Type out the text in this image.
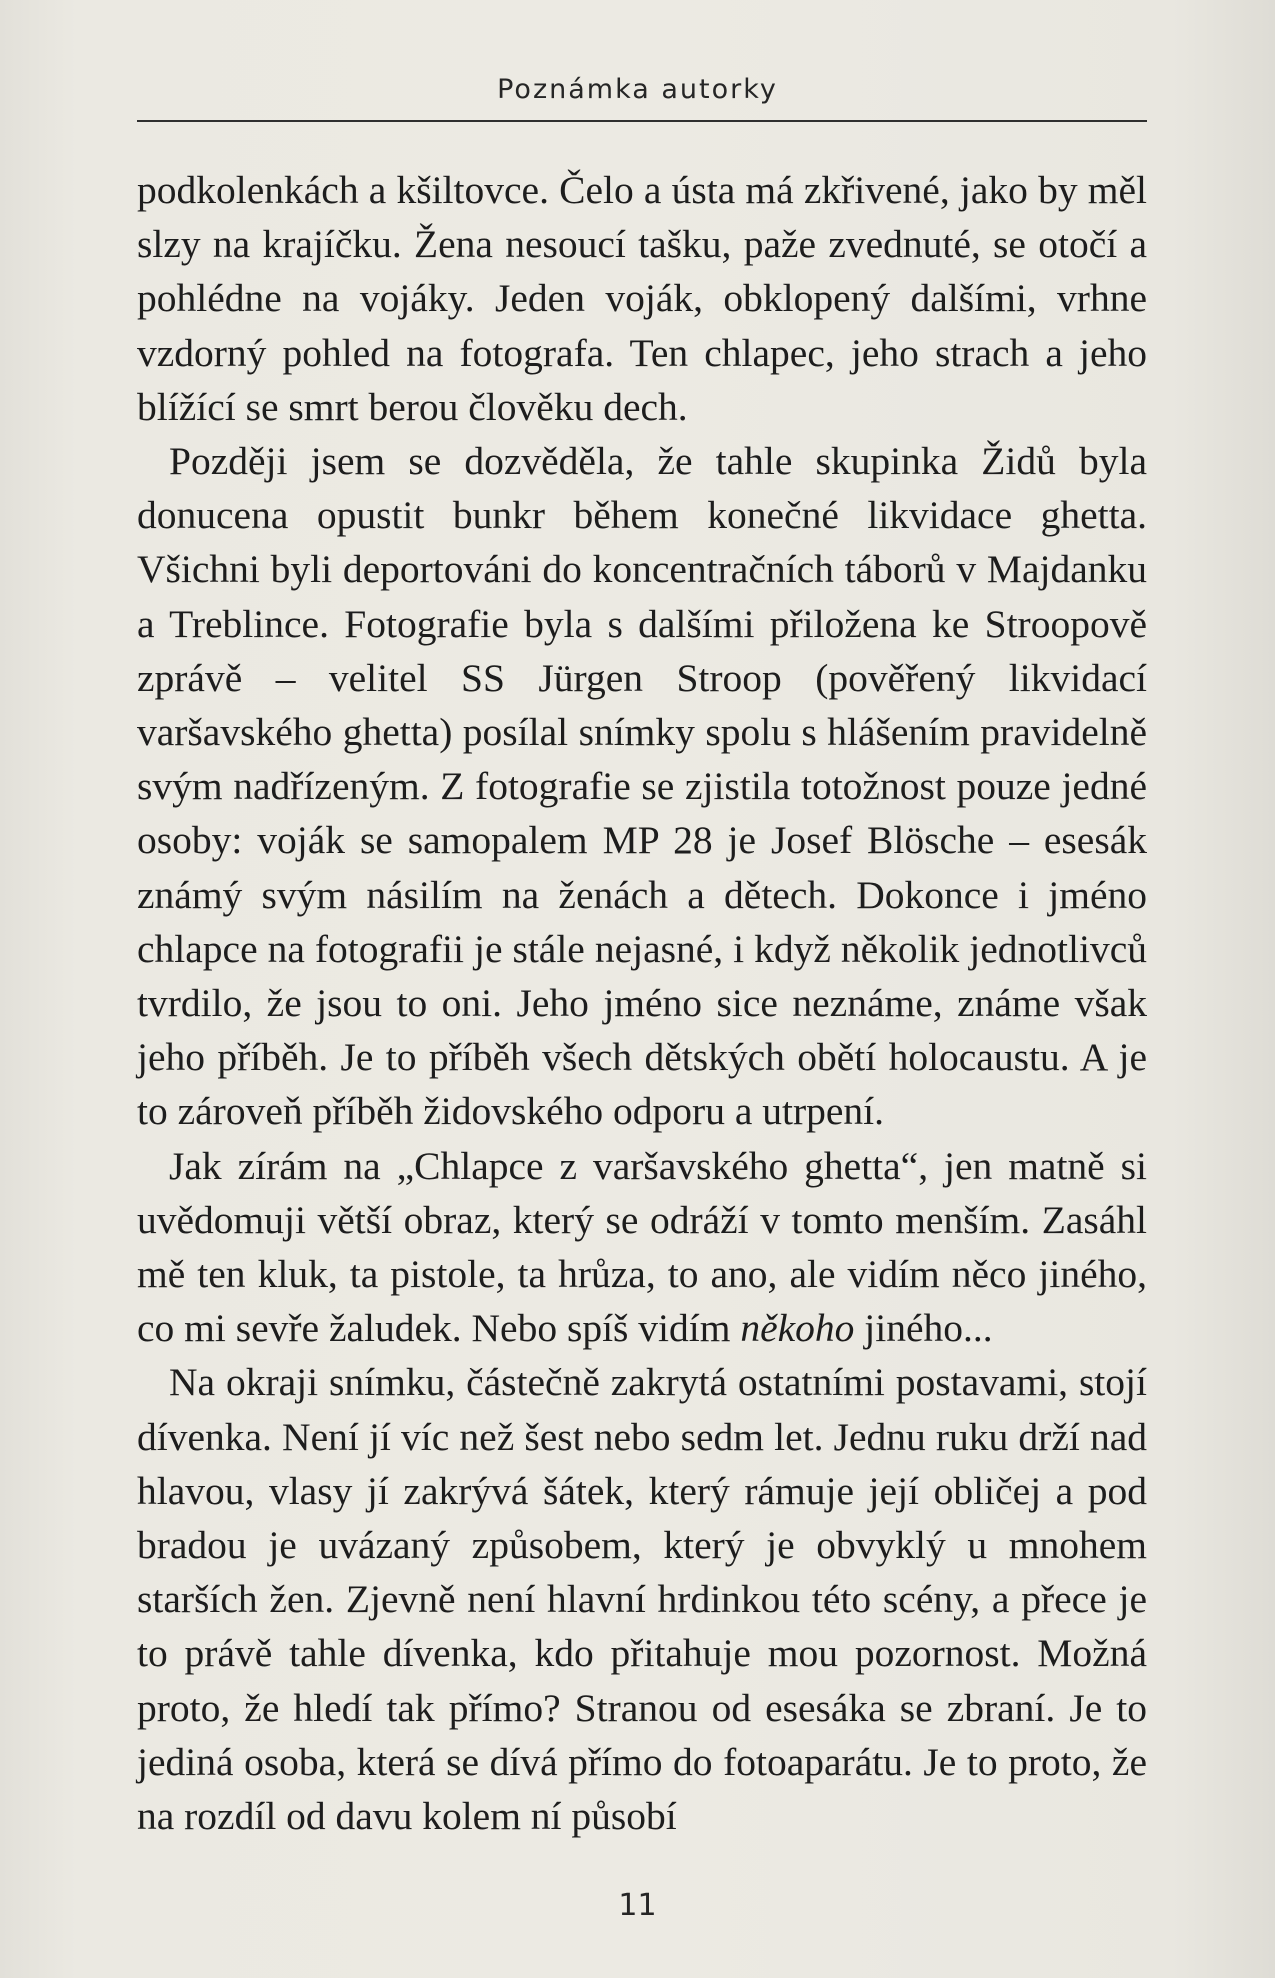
Poznámka autorky

podkolenkách a kšiltovce. Čelo a ústa má zkřivené, jako by měl slzy na krajíčku. Žena nesoucí tašku, paže zvednuté, se otočí a pohlédne na vojáky. Jeden voják, obklopený dalšími, vrhne vzdorný pohled na fotografa. Ten chlapec, jeho strach a jeho blížící se smrt berou člověku dech.

Později jsem se dozvěděla, že tahle skupinka Židů byla donucena opustit bunkr během konečné likvidace ghetta. Všichni byli deportováni do koncentračních táborů v Majdanku a Treblince. Fotografie byla s dalšími přiložena ke Stroopově zprávě – velitel SS Jürgen Stroop (pověřený likvidací varšavského ghetta) posílal snímky spolu s hlášením pravidelně svým nadřízeným. Z fotografie se zjistila totožnost pouze jedné osoby: voják se samopalem MP 28 je Josef Blösche – esesák známý svým násilím na ženách a dětech. Dokonce i jméno chlapce na fotografii je stále nejasné, i když několik jednotlivců tvrdilo, že jsou to oni. Jeho jméno sice neznáme, známe však jeho příběh. Je to příběh všech dětských obětí holocaustu. A je to zároveň příběh židovského odporu a utrpení.

Jak zírám na „Chlapce z varšavského ghetta“, jen matně si uvědomuji větší obraz, který se odráží v tomto menším. Zasáhl mě ten kluk, ta pistole, ta hrůza, to ano, ale vidím něco jiného, co mi sevře žaludek. Nebo spíš vidím někoho jiného...

Na okraji snímku, částečně zakrytá ostatními postavami, stojí dívenka. Není jí víc než šest nebo sedm let. Jednu ruku drží nad hlavou, vlasy jí zakrývá šátek, který rámuje její obličej a pod bradou je uvázaný způsobem, který je obvyklý u mnohem starších žen. Zjevně není hlavní hrdinkou této scény, a přece je to právě tahle dívenka, kdo přitahuje mou pozornost. Možná proto, že hledí tak přímo? Stranou od esesáka se zbraní. Je to jediná osoba, která se dívá přímo do fotoaparátu. Je to proto, že na rozdíl od davu kolem ní působí

11
